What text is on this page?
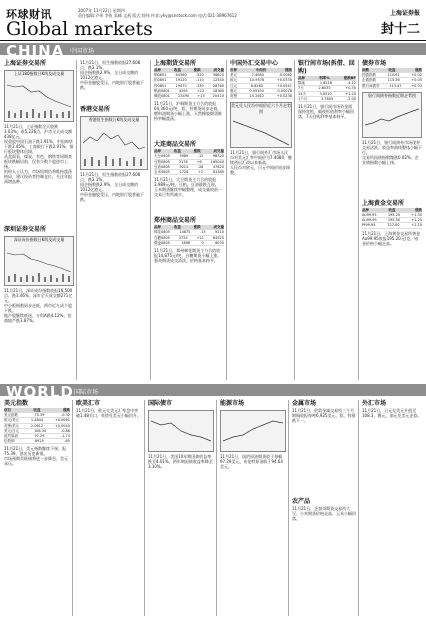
环球财讯
Global markets
2007年 11月22日 星期四
责任编辑:乔伟 李锐 高峰 文燕 版式:徐伟 传真:yhy@cnstock.com 电话:021-38967612	上海证券报
封十二
CHINA 中国市场
上海证券交易所
上证180指数日K线及成交量
11月21日，上证指数全天收跌3.03%，收5,226点，沪市全天成交额438亿元。
权重股中国石油下跌1.91%，中国神华下跌3.45%，工商银行下跌2.91%，银行板块整体回调。
从盘面看，煤炭、有色、钢铁等周期类板块跌幅居前，仅有少数个股逆市上扬。
机构人士认为，市场短期仍将维持震荡格局，建议投资者控制仓位，关注年报预增品种。
深圳证券交易所
深证成份指数日K线及成交量
11月21日，深证成份指数收报16,500点，跌3.46%，深市全天成交额271亿元。
中小板指数同步走低，两市近九成个股下跌。
地产股继续低迷，万科A跌4.12%，招商地产跌3.87%。
11月21日，恒生指数收报27,608点，跌2.1%。
国企指数跌2.9%，全日成交额约1012亿港元。
中资金融股受压，内地银行股普遍下跌。
香港交易所
香港恒生指数日K线及成交量
11月21日，恒生指数收报27,608点，跌2.1%。
国企指数跌2.9%，全日成交额约1012亿港元。
中资金融股受压，内地银行股普遍下跌。
上海期货交易所
品种	收盘	涨跌	成交量
铜0801	64360	-520	36820
铝0801	19120	-110	12540
锌0801	19470	-330	28760
燃油0801	4195	+23	18360
橡胶0801 23490 +15 20410
11月21日，沪铜期货主力合约收报64,360元/吨，铝、锌期货同步走低。
燃料油期货小幅上涨，天然橡胶期货维持窄幅震荡。
大连商品交易所
品种	收盘	涨跌	成交量
大豆0805	3989	-12	98320
豆粕0805	3176	+6	165040
豆油0805	9214	-28	47620
玉米0805	1728	+2	61380
11月21日，大豆期货主力合约收报3,989元/吨，豆粕、豆油涨跌互现。
玉米期货继续窄幅整理，成交量较前一交易日有所减少。
郑州商品交易所
品种	收盘	涨跌	成交量
棉花0805	14875	-15	9210
白糖0805	3754	+21	84520
强麦0805	1896	0	6030
11月21日，郑州棉花期货主力合约收报14,875元/吨，白糖期货小幅上涨。
强麦期货成交清淡，价格基本持平。
中国外汇交易中心
币种	中间价	涨跌
美元	7.4080	-0.0062
欧元	10.9578	+0.0335
日元	6.8265	+0.0541
港元	0.95150	-0.00078
英镑	15.2612	+0.0238
美元兑人民币中间价近六个月走势图
11月21日，银行间外汇市场人民币对美元汇率中间价为7.4080，继续创出汇改以来新高。
人民币对欧元、日元中间价同步调整。
银行间市场(拆借、回购)
品种	利率%	涨跌BP
隔夜	1.8216	-4.12
7天	2.6035	+0.35
14天	3.0510	+1.20
1个月	3.7805	-2.05
11月21日，银行间市场资金面保持宽松，隔夜拆借利率小幅回落，7天回购利率基本持平。
债券市场
指数	收盘	涨跌
国债指数	110.61	+0.02
企债指数	115.26	+0.05
银行间债券	113.47	+0.03
银行间债券指数近期走势图
11月21日，银行间债券市场现券交易活跃，收益率曲线整体小幅下行。
交易所国债指数微涨0.02%，企业债指数小幅上扬。
上海黄金交易所
品种	收盘	涨跌
Au99.95	195.20	+1.30
Au99.99	195.50	+1.25
Pt99.95	327.00	+2.10
11月21日，上海黄金交易所黄金Au99.95收报195.20元/克，铂金价格小幅走高。
WORLD 国际市场
美元指数
项目	收盘	涨跌
美元指数	75.39	-0.32
欧元/美元	1.4844	+0.0061
英镑/美元	2.0612	+0.0045
美元/日元	108.30	-0.86
纽约原油	97.29	-1.74
伦敦铜	6925	-65
11月21日，美元指数继续下探，报75.39，创出历史新低。
市场预期美联储将进一步降息，美元承压。
欧美汇市
11月21日，欧元兑美元汇率盘中突破1.48关口，英镑兑美元小幅回升。
国际债市
11月21日，美国10年期国债收益率跌至4.01%，两年期国债收益率降至3.10%。
能源市场
11月21日，纽约原油期货收于每桶97.29美元，布伦特原油收于94.64美元。
金属市场
11月21日，伦敦金属交易所三个月期铜收报每吨6,925美元，铝、锌涨跌不一。
农产品
11月21日，芝加哥期货交易所大豆、小麦期货价格走高，玉米小幅回落。
外汇市场
11月21日，日元兑美元升值至108.3，澳元、加元兑美元走软。
